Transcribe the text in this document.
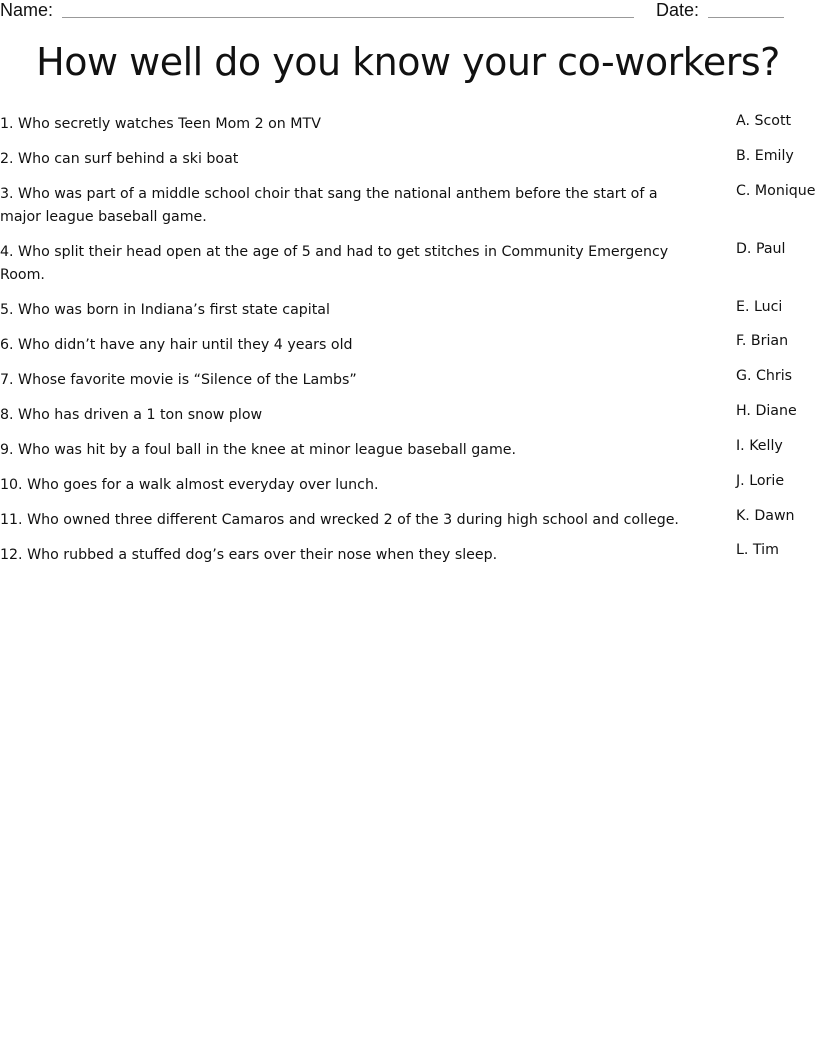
Name:	Date:
How well do you know your co-workers?
1. Who secretly watches Teen Mom 2 on MTV
2. Who can surf behind a ski boat
3. Who was part of a middle school choir that sang the national anthem before the start of a major league baseball game.
4. Who split their head open at the age of 5 and had to get stitches in Community Emergency Room.
5. Who was born in Indiana’s first state capital
6. Who didn’t have any hair until they 4 years old
7. Whose favorite movie is “Silence of the Lambs”
8. Who has driven a 1 ton snow plow
9. Who was hit by a foul ball in the knee at minor league baseball game.
10. Who goes for a walk almost everyday over lunch.
11. Who owned three different Camaros and wrecked 2 of the 3 during high school and college.
12. Who rubbed a stuffed dog’s ears over their nose when they sleep.
A. Scott
B. Emily
C. Monique
D. Paul
E. Luci
F. Brian
G. Chris
H. Diane
I. Kelly
J. Lorie
K. Dawn
L. Tim
